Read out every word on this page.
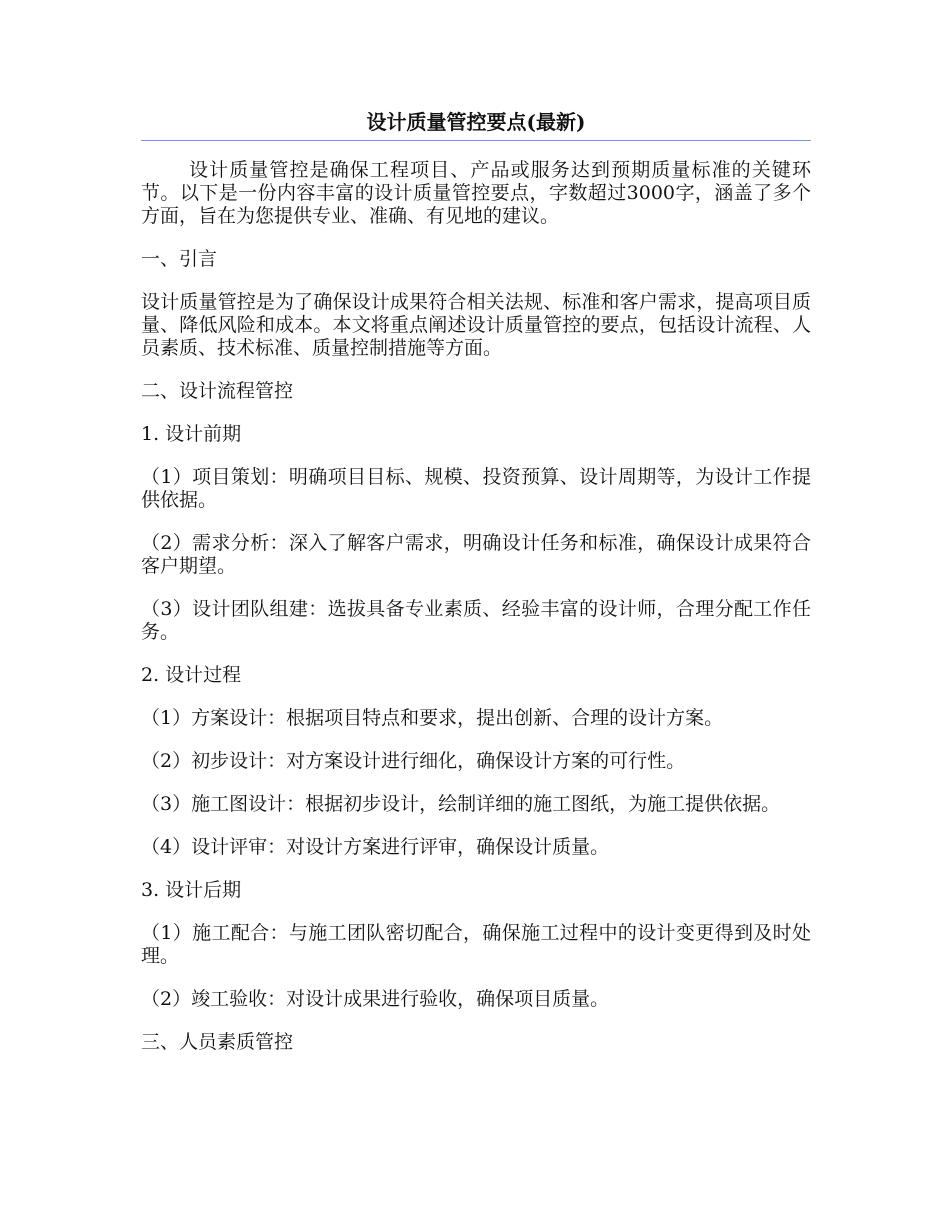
设计质量管控要点(最新)

设计质量管控是确保工程项目、产品或服务达到预期质量标准的关键环节。以下是一份内容丰富的设计质量管控要点，字数超过3000字，涵盖了多个方面，旨在为您提供专业、准确、有见地的建议。

一、引言

设计质量管控是为了确保设计成果符合相关法规、标准和客户需求，提高项目质量、降低风险和成本。本文将重点阐述设计质量管控的要点，包括设计流程、人员素质、技术标准、质量控制措施等方面。

二、设计流程管控

1. 设计前期

（1）项目策划：明确项目目标、规模、投资预算、设计周期等，为设计工作提供依据。

（2）需求分析：深入了解客户需求，明确设计任务和标准，确保设计成果符合客户期望。

（3）设计团队组建：选拔具备专业素质、经验丰富的设计师，合理分配工作任务。

2. 设计过程

（1）方案设计：根据项目特点和要求，提出创新、合理的设计方案。

（2）初步设计：对方案设计进行细化，确保设计方案的可行性。

（3）施工图设计：根据初步设计，绘制详细的施工图纸，为施工提供依据。

（4）设计评审：对设计方案进行评审，确保设计质量。

3. 设计后期

（1）施工配合：与施工团队密切配合，确保施工过程中的设计变更得到及时处理。

（2）竣工验收：对设计成果进行验收，确保项目质量。

三、人员素质管控
